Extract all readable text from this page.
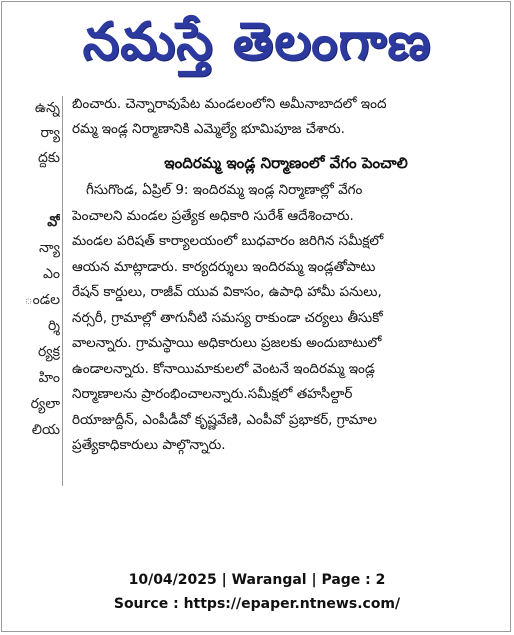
నమస్తే తెలంగాణ
ఉన్న
ర్యా
ద్దకు
వో
న్యా
ఎం
ండల
ర్శి
ర్యక్ర
హిం
ర్యలా
లియ

బించారు. చెన్నారావుపేట మండలంలోని అమీనాబాదలో ఇంద

రమ్మ ఇండ్ల నిర్మాణానికి ఎమ్మెల్యే భూమిపూజ చేశారు.

ఇందిరమ్మ ఇండ్ల నిర్మాణంలో వేగం పెంచాలి

గీసుగొండ, ఏప్రిల్ 9: ఇందిరమ్మ ఇండ్ల నిర్మాణాల్లో వేగం

పెంచాలని మండల ప్రత్యేక అధికారి సురేశ్ ఆదేశించారు.

మండల పరిషత్ కార్యాలయంలో బుధవారం జరిగిన సమీక్షలో

ఆయన మాట్లాడారు. కార్యదర్శులు ఇందిరమ్మ ఇండ్లతోపాటు

రేషన్ కార్డులు, రాజీవ్ యువ వికాసం, ఉపాధి హామీ పనులు,

నర్సరీ, గ్రామాల్లో తాగునీటి సమస్య రాకుండా చర్యలు తీసుకో

వాలన్నారు. గ్రామస్థాయి అధికారులు ప్రజలకు అందుబాటులో

ఉండాలన్నారు. కోనాయిమాకులలో వెంటనే ఇందిరమ్మ ఇండ్ల

నిర్మాణాలను ప్రారంభించాలన్నారు.సమీక్షలో తహసీల్దార్

రియాజుద్దీన్, ఎంపీడీవో కృష్ణవేణి, ఎంపీవో ప్రభాకర్, గ్రామాల

ప్రత్యేకాధికారులు పాల్గొన్నారు.

10/04/2025 | Warangal | Page : 2
Source : https://epaper.ntnews.com/
